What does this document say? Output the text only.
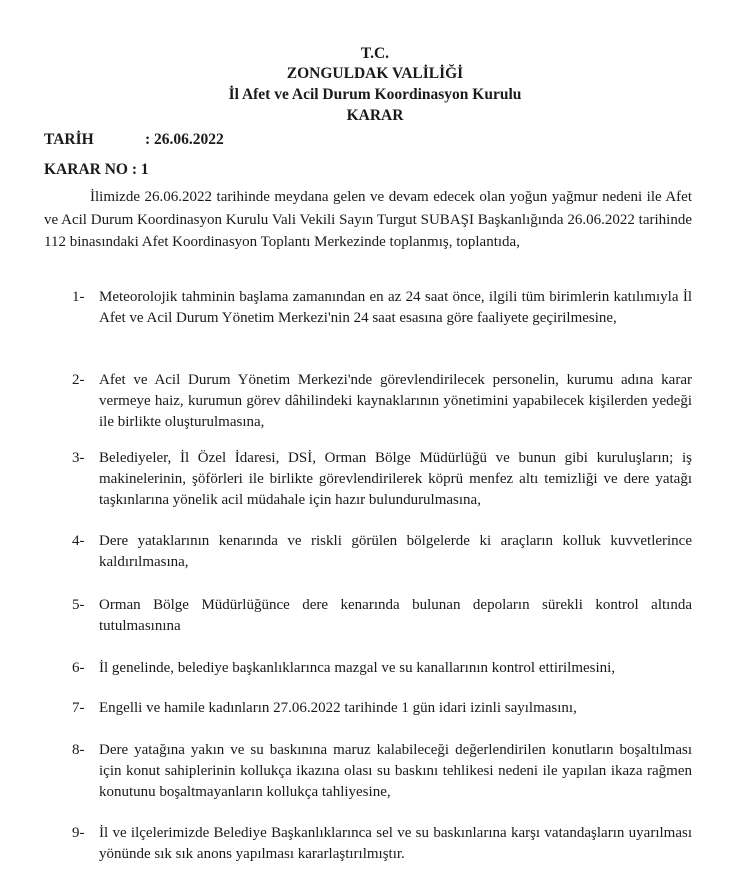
T.C.
ZONGULDAK VALİLİĞİ
İl Afet ve Acil Durum Koordinasyon Kurulu
KARAR
TARİH	: 26.06.2022
KARAR NO : 1

İlimizde 26.06.2022 tarihinde meydana gelen ve devam edecek olan yoğun yağmur nedeni ile Afet ve Acil Durum Koordinasyon Kurulu Vali Vekili Sayın Turgut SUBAŞI Başkanlığında 26.06.2022 tarihinde 112 binasındaki Afet Koordinasyon Toplantı Merkezinde toplanmış, toplantıda,

1- Meteorolojik tahminin başlama zamanından en az 24 saat önce, ilgili tüm birimlerin katılımıyla İl Afet ve Acil Durum Yönetim Merkezi'nin 24 saat esasına göre faaliyete geçirilmesine,
2- Afet ve Acil Durum Yönetim Merkezi'nde görevlendirilecek personelin, kurumu adına karar vermeye haiz, kurumun görev dâhilindeki kaynaklarının yönetimini yapabilecek kişilerden yedeği ile birlikte oluşturulmasına,
3- Belediyeler, İl Özel İdaresi, DSİ, Orman Bölge Müdürlüğü ve bunun gibi kuruluşların; iş makinelerinin, şöförleri ile birlikte görevlendirilerek köprü menfez altı temizliği ve dere yatağı taşkınlarına yönelik acil müdahale için hazır bulundurulmasına,
4- Dere yataklarının kenarında ve riskli görülen bölgelerde ki araçların kolluk kuvvetlerince kaldırılmasına,
5- Orman Bölge Müdürlüğünce dere kenarında bulunan depoların sürekli kontrol altında tutulmasınına
6- İl genelinde, belediye başkanlıklarınca mazgal ve su kanallarının kontrol ettirilmesini,
7- Engelli ve hamile kadınların 27.06.2022 tarihinde 1 gün idari izinli sayılmasını,
8- Dere yatağına yakın ve su baskınına maruz kalabileceği değerlendirilen konutların boşaltılması için konut sahiplerinin kollukça ikazına olası su baskını tehlikesi nedeni ile yapılan ikaza rağmen konutunu boşaltmayanların kollukça tahliyesine,
9- İl ve ilçelerimizde Belediye Başkanlıklarınca sel ve su baskınlarına karşı vatandaşların uyarılması yönünde sık sık anons yapılması kararlaştırılmıştır.
